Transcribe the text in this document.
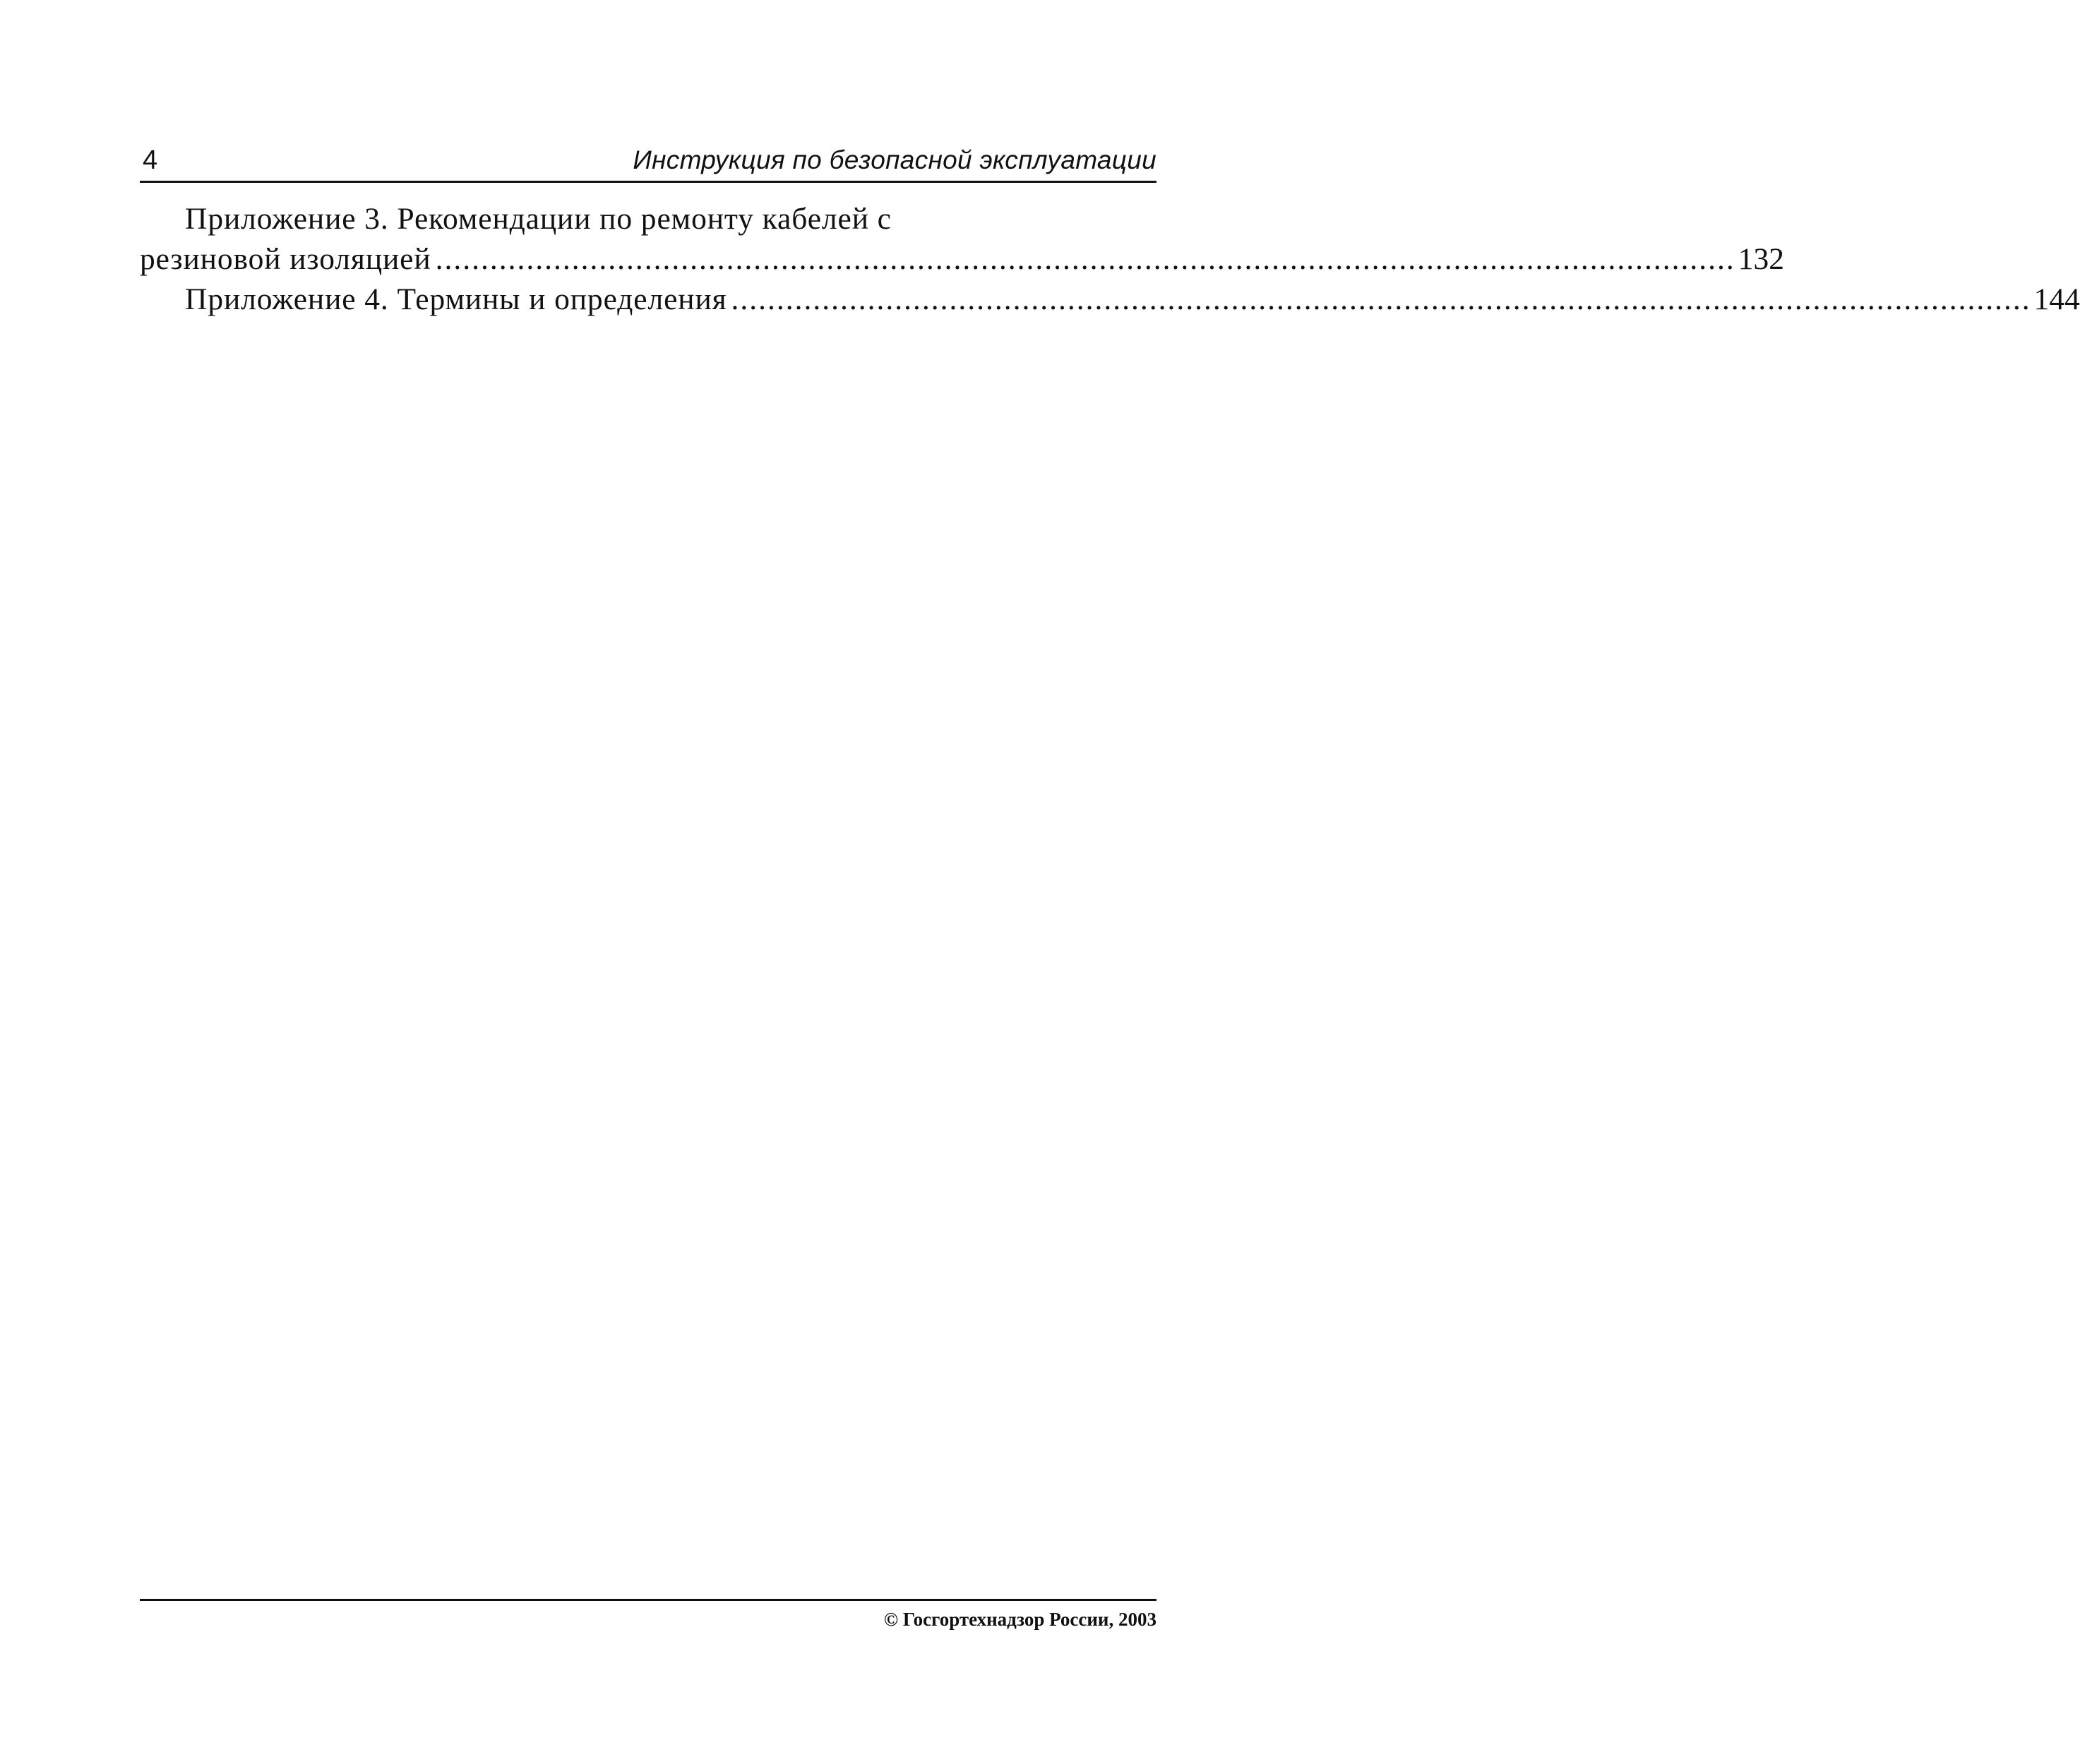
4	Инструкция по безопасной эксплуатации
Приложение 3. Рекомендации по ремонту кабелей с
резиновой изоляцией ............................................................................................................................................... 132
Приложение 4. Термины и определения ............................................................................................................................................... 144
© Госгортехнадзор России, 2003
